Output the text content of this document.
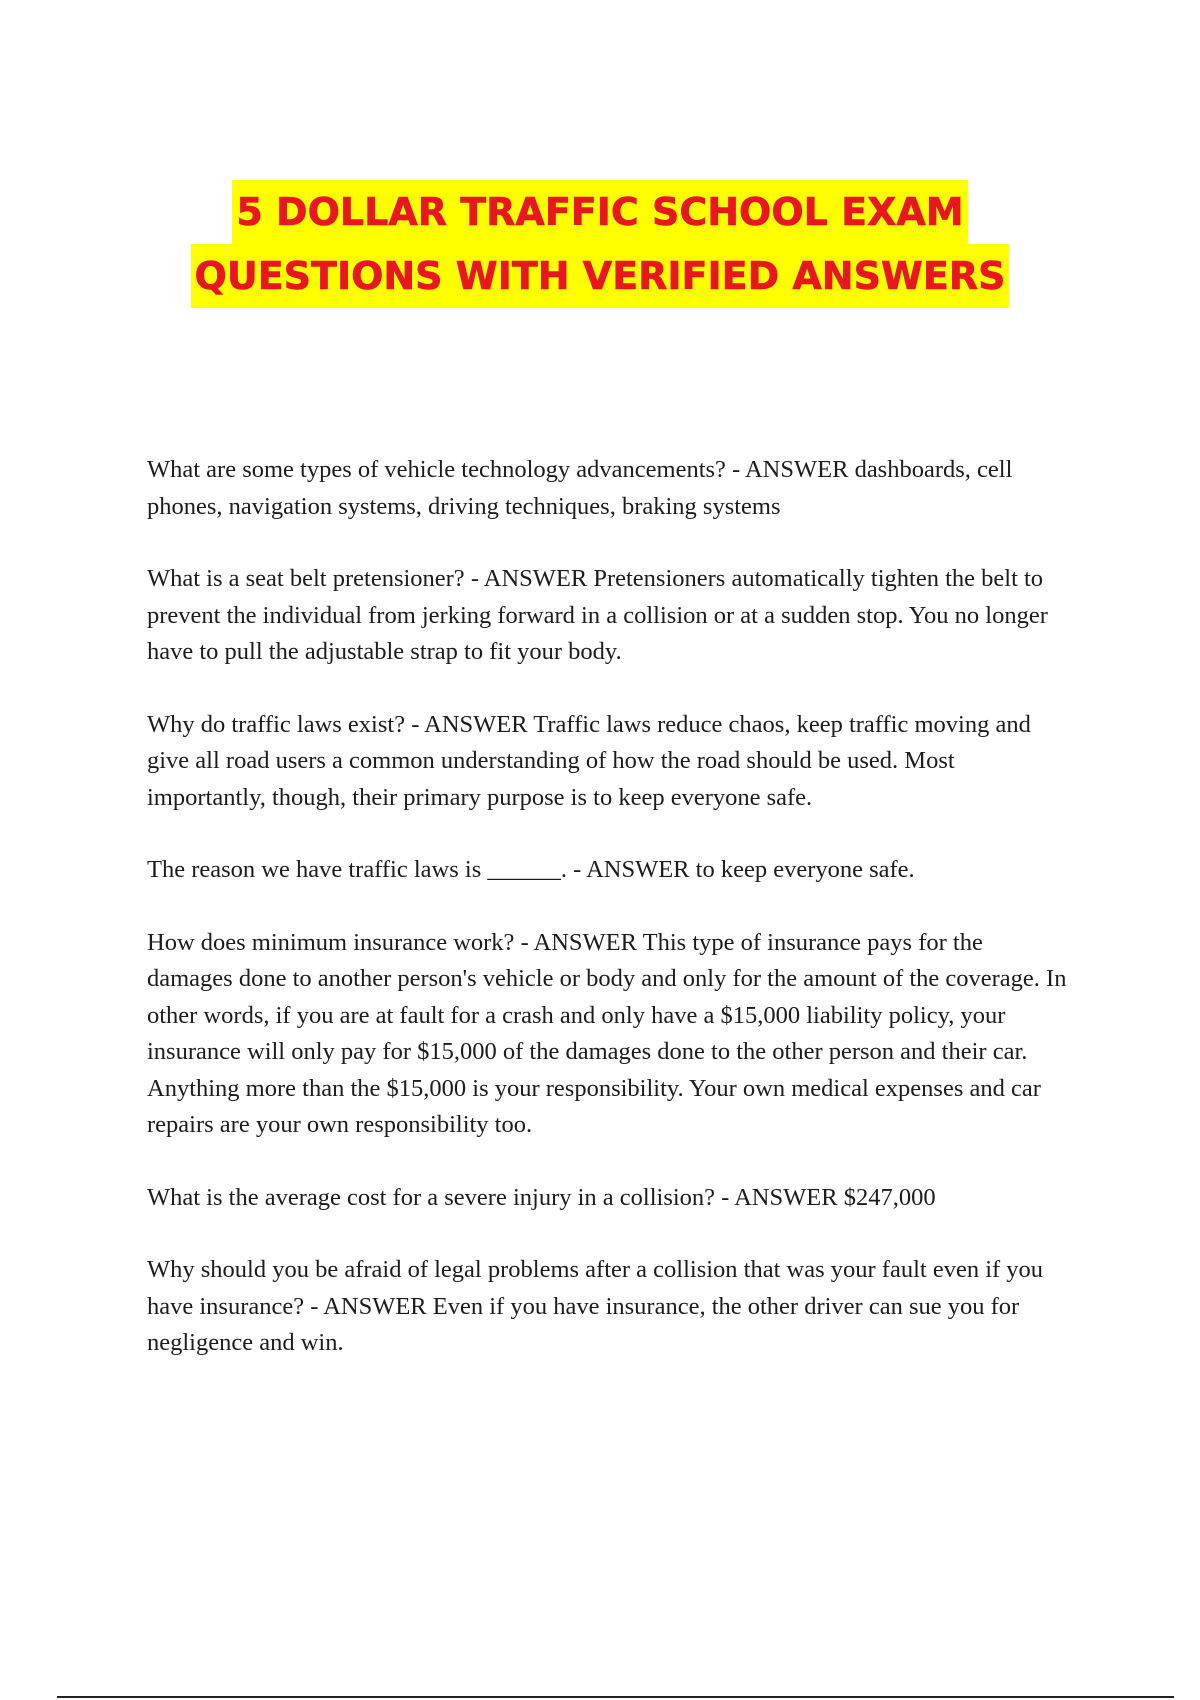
5 DOLLAR TRAFFIC SCHOOL EXAM
QUESTIONS WITH VERIFIED ANSWERS

What are some types of vehicle technology advancements? - ANSWER dashboards, cell phones, navigation systems, driving techniques, braking systems

What is a seat belt pretensioner? - ANSWER Pretensioners automatically tighten the belt to prevent the individual from jerking forward in a collision or at a sudden stop. You no longer have to pull the adjustable strap to fit your body.

Why do traffic laws exist? - ANSWER Traffic laws reduce chaos, keep traffic moving and give all road users a common understanding of how the road should be used. Most importantly, though, their primary purpose is to keep everyone safe.

The reason we have traffic laws is ______. - ANSWER to keep everyone safe.

How does minimum insurance work? - ANSWER This type of insurance pays for the damages done to another person's vehicle or body and only for the amount of the coverage. In other words, if you are at fault for a crash and only have a $15,000 liability policy, your insurance will only pay for $15,000 of the damages done to the other person and their car. Anything more than the $15,000 is your responsibility. Your own medical expenses and car repairs are your own responsibility too.

What is the average cost for a severe injury in a collision? - ANSWER $247,000

Why should you be afraid of legal problems after a collision that was your fault even if you have insurance? - ANSWER Even if you have insurance, the other driver can sue you for negligence and win.
